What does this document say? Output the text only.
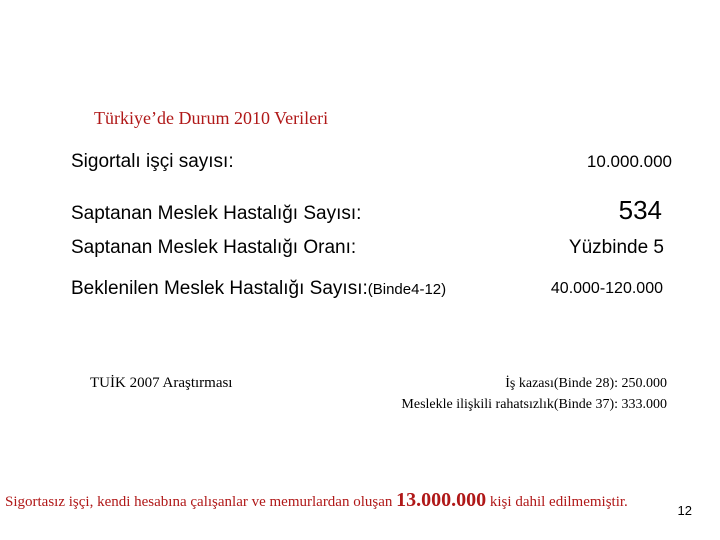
Türkiye’de Durum 2010 Verileri
Sigortalı işçi sayısı:	10.000.000
Saptanan Meslek Hastalığı Sayısı:	534
Saptanan Meslek Hastalığı Oranı:	Yüzbinde 5
Beklenilen Meslek Hastalığı Sayısı:(Binde4-12)	40.000-120.000
TUİK 2007 Araştırması	İş kazası(Binde 28): 250.000
Meslekle ilişkili rahatsızlık(Binde 37): 333.000
Sigortasız işçi, kendi hesabına çalışanlar ve memurlardan oluşan 13.000.000 kişi dahil edilmemiştir.
12
